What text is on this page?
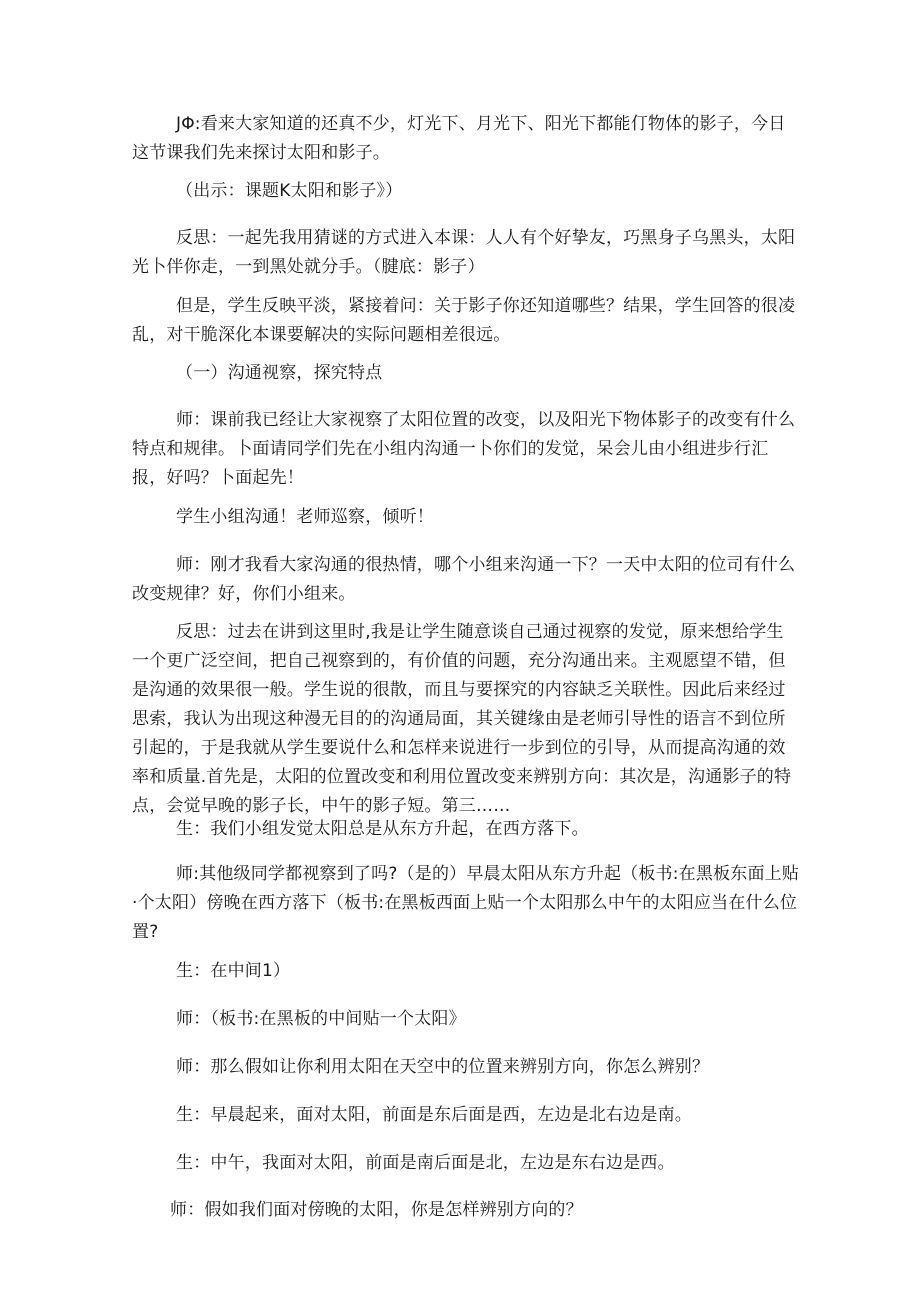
JΦ:看来大家知道的还真不少，灯光下、月光下、阳光下都能仃物体的影子，今日这节课我们先来探讨太阳和影子。

（出示：课题K太阳和影子》）

反思：一起先我用猜谜的方式进入本课：人人有个好挚友，巧黑身子乌黑头，太阳光卜伴你走，一到黑处就分手。（腱底：影子）

但是，学生反映平淡，紧接着问：关于影子你还知道哪些？结果，学生回答的很凌乱，对干脆深化本课要解决的实际问题相差很远。

（一）沟通视察，探究特点

师：课前我已经让大家视察了太阳位置的改变，以及阳光下物体影子的改变有什么特点和规律。卜面请同学们先在小组内沟通一卜你们的发觉，呆会儿由小组进步行汇报，好吗？卜面起先！

学生小组沟通！老师巡察，倾听！

师：刚才我看大家沟通的很热情，哪个小组来沟通一下？一天中太阳的位司有什么改变规律？好，你们小组来。

反思：过去在讲到这里时,我是让学生随意谈自己通过视察的发觉，原来想给学生一个更广泛空间，把自己视察到的，有价值的问题，充分沟通出来。主观愿望不错，但是沟通的效果很一般。学生说的很散，而且与要探究的内容缺乏关联性。因此后来经过思索，我认为出现这种漫无目的的沟通局面，其关键缘由是老师引导性的语言不到位所引起的，于是我就从学生要说什么和怎样来说进行一步到位的引导，从而提高沟通的效率和质量.首先是，太阳的位置改变和利用位置改变来辨别方向：其次是，沟通影子的特点，会觉早晚的影子长，中午的影子短。第三……

生：我们小组发觉太阳总是从东方升起，在西方落下。

师:其他级同学都视察到了吗?（是的）早晨太阳从东方升起（板书:在黑板东面上贴·个太阳）傍晚在西方落下（板书:在黑板西面上贴一个太阳那么中午的太阳应当在什么位置?

生：在中间1）

师：（板书:在黑板的中间贴一个太阳》

师：那么假如让你利用太阳在天空中的位置来辨别方向，你怎么辨别？

生：早晨起来，面对太阳，前面是东后面是西，左边是北右边是南。

生：中午，我面对太阳，前面是南后面是北，左边是东右边是西。

师：假如我们面对傍晚的太阳，你是怎样辨别方向的？
